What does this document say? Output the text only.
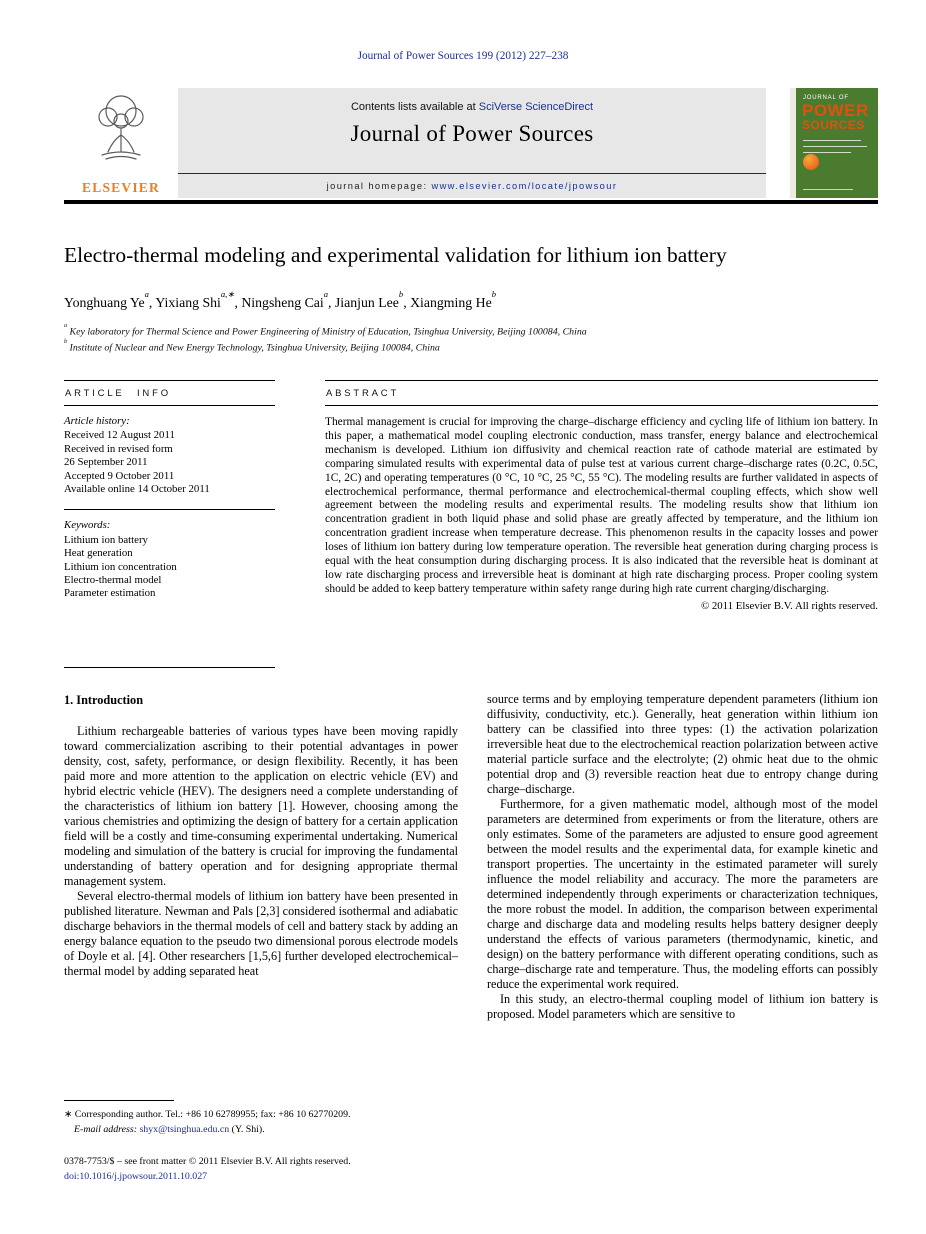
Journal of Power Sources 199 (2012) 227–238
ELSEVIER
Contents lists available at SciVerse ScienceDirect
Journal of Power Sources
journal homepage: www.elsevier.com/locate/jpowsour
JOURNAL OF
POWER
SOURCES
Electro-thermal modeling and experimental validation for lithium ion battery
Yonghuang Ye$^a$, Yixiang Shi$^{a,∗}$, Ningsheng Cai$^a$, Jianjun Lee$^b$, Xiangming He$^b$
$^a$ Key laboratory for Thermal Science and Power Engineering of Ministry of Education, Tsinghua University, Beijing 100084, China
$^b$ Institute of Nuclear and New Energy Technology, Tsinghua University, Beijing 100084, China
ARTICLE INFO
Article history:
Received 12 August 2011
Received in revised form
26 September 2011
Accepted 9 October 2011
Available online 14 October 2011
Keywords:
Lithium ion battery
Heat generation
Lithium ion concentration
Electro-thermal model
Parameter estimation
ABSTRACT

Thermal management is crucial for improving the charge–discharge efficiency and cycling life of lithium ion battery. In this paper, a mathematical model coupling electronic conduction, mass transfer, energy balance and electrochemical mechanism is developed. Lithium ion diffusivity and chemical reaction rate of cathode material are estimated by comparing simulated results with experimental data of pulse test at various current charge–discharge rates (0.2C, 0.5C, 1C, 2C) and operating temperatures (0 °C, 10 °C, 25 °C, 55 °C). The modeling results are further validated in aspects of electrochemical performance, thermal performance and electrochemical-thermal coupling effects, which show well agreement between the modeling results and experimental results. The modeling results show that lithium ion concentration gradient in both liquid phase and solid phase are greatly affected by temperature, and the lithium ion concentration gradient increase when temperature decrease. This phenomenon results in the capacity losses and power loses of lithium ion battery during low temperature operation. The reversible heat generation during charging process is equal with the heat consumption during discharging process. It is also indicated that the reversible heat is dominant at low rate discharging process and irreversible heat is dominant at high rate discharging process. Proper cooling system should be added to keep battery temperature within safety range during high rate current charging/discharging.

© 2011 Elsevier B.V. All rights reserved.
1. Introduction

Lithium rechargeable batteries of various types have been moving rapidly toward commercialization ascribing to their potential advantages in power density, cost, safety, performance, or design flexibility. Recently, it has been paid more and more attention to the application on electric vehicle (EV) and hybrid electric vehicle (HEV). The designers need a complete understanding of the characteristics of lithium ion battery [1]. However, choosing among the various chemistries and optimizing the design of battery for a certain application field will be a costly and time-consuming experimental undertaking. Numerical modeling and simulation of the battery is crucial for improving the fundamental understanding of battery operation and for designing appropriate thermal management system.

Several electro-thermal models of lithium ion battery have been presented in published literature. Newman and Pals [2,3] considered isothermal and adiabatic discharge behaviors in the thermal models of cell and battery stack by adding an energy balance equation to the pseudo two dimensional porous electrode models of Doyle et al. [4]. Other researchers [1,5,6] further developed electrochemical–thermal model by adding separated heat

source terms and by employing temperature dependent parameters (lithium ion diffusivity, conductivity, etc.). Generally, heat generation within lithium ion battery can be classified into three types: (1) the activation polarization irreversible heat due to the electrochemical reaction polarization between active material particle surface and the electrolyte; (2) ohmic heat due to the ohmic potential drop and (3) reversible reaction heat due to entropy change during charge–discharge.

Furthermore, for a given mathematic model, although most of the model parameters are determined from experiments or from the literature, others are only estimates. Some of the parameters are adjusted to ensure good agreement between the model results and the experimental data, for example kinetic and transport properties. The uncertainty in the estimated parameter will surely influence the model reliability and accuracy. The more the parameters are determined independently through experiments or characterization techniques, the more robust the model. In addition, the comparison between experimental charge and discharge data and modeling results helps battery designer deeply understand the effects of various parameters (thermodynamic, kinetic, and design) on the battery performance with different operating conditions, such as charge–discharge rate and temperature. Thus, the modeling efforts can possibly reduce the experimental work required.

In this study, an electro-thermal coupling model of lithium ion battery is proposed. Model parameters which are sensitive to

∗ Corresponding author. Tel.: +86 10 62789955; fax: +86 10 62770209.
E-mail address: shyx@tsinghua.edu.cn (Y. Shi).
0378-7753/$ – see front matter © 2011 Elsevier B.V. All rights reserved.
doi:10.1016/j.jpowsour.2011.10.027
